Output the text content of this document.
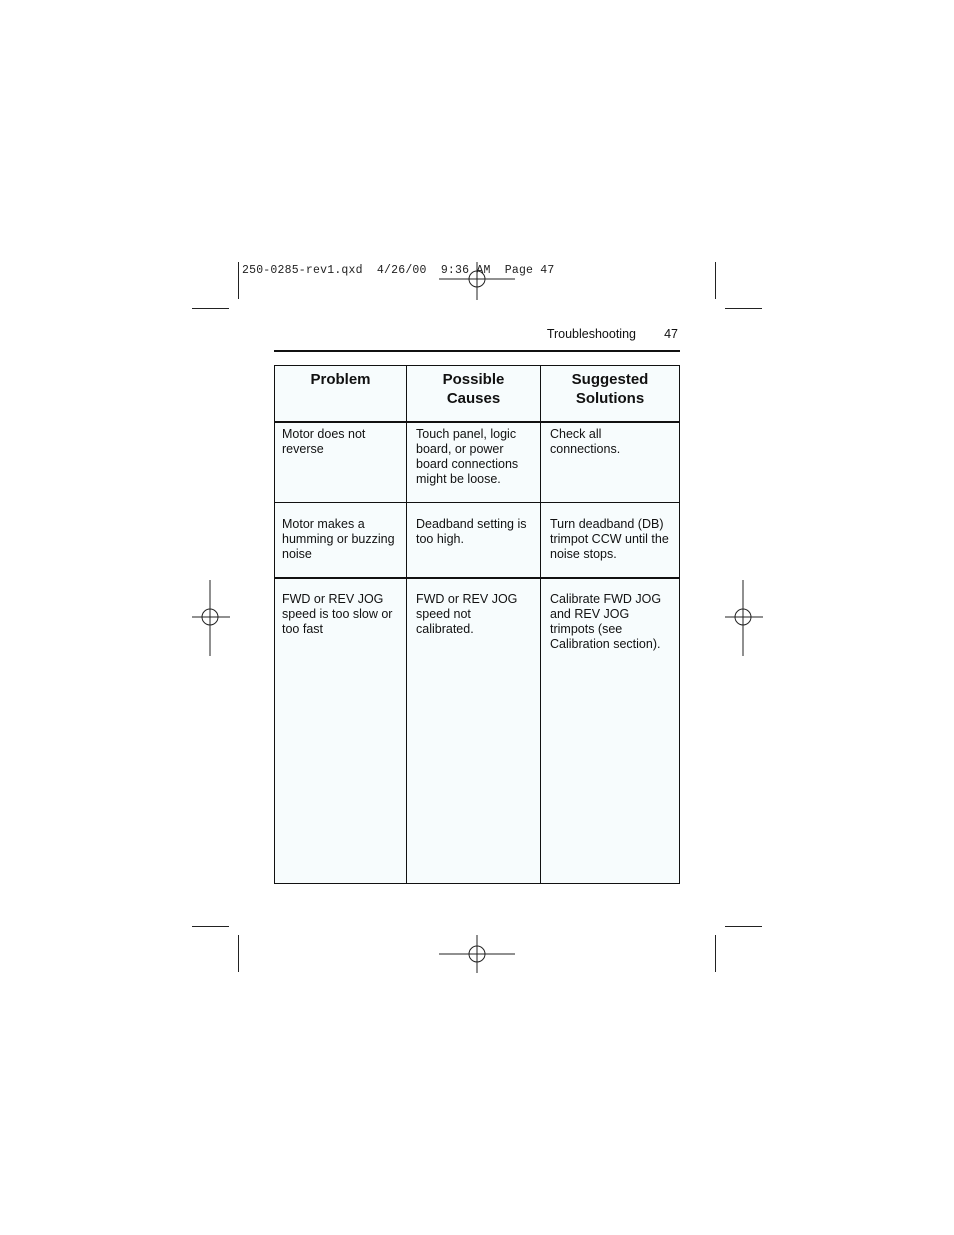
250-0285-rev1.qxd  4/26/00  9:36 AM  Page 47
Troubleshooting 47
Problem	Possible
Causes
Suggested
Solutions
Motor does not
reverse
Touch panel, logic
board, or power
board connections
might be loose.
Check all
connections.
Motor makes a
humming or buzzing
noise
Deadband setting is
too high.
Turn deadband (DB)
trimpot CCW until the
noise stops.
FWD or REV JOG
speed is too slow or
too fast
FWD or REV JOG
speed not
calibrated.
Calibrate FWD JOG
and REV JOG
trimpots (see
Calibration section).
